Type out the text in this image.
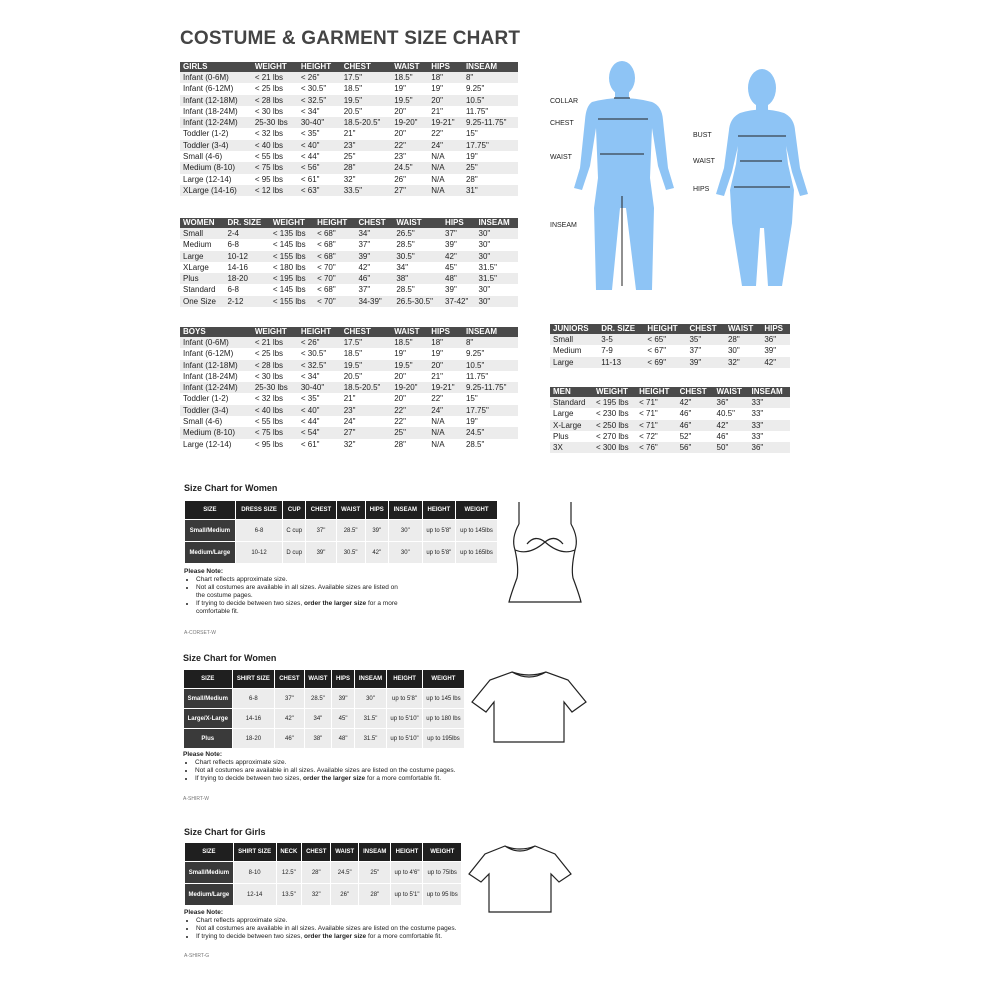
COSTUME & GARMENT SIZE CHART
GIRLS	WEIGHT	HEIGHT	CHEST	WAIST	HIPS	INSEAM
Infant (0-6M)	< 21 lbs	< 26"	17.5"	18.5"	18"	8"
Infant (6-12M)	< 25 lbs	< 30.5"	18.5"	19"	19"	9.25"
Infant (12-18M)	< 28 lbs	< 32.5"	19.5"	19.5"	20"	10.5"
Infant (18-24M)	< 30 lbs	< 34"	20.5"	20"	21"	11.75"
Infant (12-24M)	25-30 lbs	30-40"	18.5-20.5"	19-20"	19-21"	9.25-11.75"
Toddler (1-2)	< 32 lbs	< 35"	21"	20"	22"	15"
Toddler (3-4)	< 40 lbs	< 40"	23"	22"	24"	17.75"
Small (4-6)	< 55 lbs	< 44"	25"	23"	N/A	19"
Medium (8-10)	< 75 lbs	< 56"	28"	24.5"	N/A	25"
Large (12-14)	< 95 lbs	< 61"	32"	26"	N/A	28"
XLarge (14-16)	< 12 lbs	< 63"	33.5"	27"	N/A	31"
WOMEN	DR. SIZE	WEIGHT	HEIGHT	CHEST	WAIST	HIPS	INSEAM
Small	2-4	< 135 lbs	< 68"	34"	26.5"	37"	30"
Medium	6-8	< 145 lbs	< 68"	37"	28.5"	39"	30"
Large	10-12	< 155 lbs	< 68"	39"	30.5"	42"	30"
XLarge	14-16	< 180 lbs	< 70"	42"	34"	45"	31.5"
Plus	18-20	< 195 lbs	< 70"	46"	38"	48"	31.5"
Standard	6-8	< 145 lbs	< 68"	37"	28.5"	39"	30"
One Size	2-12	< 155 lbs	< 70"	34-39"	26.5-30.5"	37-42"	30"
BOYS	WEIGHT	HEIGHT	CHEST	WAIST	HIPS	INSEAM
Infant (0-6M)	< 21 lbs	< 26"	17.5"	18.5"	18"	8"
Infant (6-12M)	< 25 lbs	< 30.5"	18.5"	19"	19"	9.25"
Infant (12-18M)	< 28 lbs	< 32.5"	19.5"	19.5"	20"	10.5"
Infant (18-24M)	< 30 lbs	< 34"	20.5"	20"	21"	11.75"
Infant (12-24M)	25-30 lbs	30-40"	18.5-20.5"	19-20"	19-21"	9.25-11.75"
Toddler (1-2)	< 32 lbs	< 35"	21"	20"	22"	15"
Toddler (3-4)	< 40 lbs	< 40"	23"	22"	24"	17.75"
Small (4-6)	< 55 lbs	< 44"	24"	22"	N/A	19"
Medium (8-10)	< 75 lbs	< 54"	27"	25"	N/A	24.5"
Large (12-14)	< 95 lbs	< 61"	32"	28"	N/A	28.5"
JUNIORS	DR. SIZE	HEIGHT	CHEST	WAIST	HIPS
Small	3-5	< 65"	35"	28"	36"
Medium	7-9	< 67"	37"	30"	39"
Large	11-13	< 69"	39"	32"	42"
MEN	WEIGHT	HEIGHT	CHEST	WAIST	INSEAM
Standard	< 195 lbs	< 71"	42"	36"	33"
Large	< 230 lbs	< 71"	46"	40.5"	33"
X-Large	< 250 lbs	< 71"	46"	42"	33"
Plus	< 270 lbs	< 72"	52"	46"	33"
3X	< 300 lbs	< 76"	56"	50"	36"
COLLAR
CHEST
WAIST
INSEAM
BUST
WAIST
HIPS
Size Chart for Women
SIZE	DRESS SIZE	CUP	CHEST	WAIST	HIPS	INSEAM	HEIGHT	WEIGHT
Small/Medium	6-8	C cup	37"	28.5"	39"	30"	up to 5'8"	up to 145lbs
Medium/Large	10-12	D cup	39"	30.5"	42"	30"	up to 5'8"	up to 165lbs
Please Note:
• Chart reflects approximate size.
• Not all costumes are available in all sizes. Available sizes are listed on the costume pages.
• If trying to decide between two sizes, order the larger size for a more comfortable fit.
A-CORSET-W
Size Chart for Women
SIZE	SHIRT SIZE	CHEST	WAIST	HIPS	INSEAM	HEIGHT	WEIGHT
Small/Medium	6-8	37"	28.5"	39"	30"	up to 5'8"	up to 145 lbs
Large/X-Large	14-16	42"	34"	45"	31.5"	up to 5'10"	up to 180 lbs
Plus	18-20	46"	38"	48"	31.5"	up to 5'10"	up to 195lbs
Please Note:
• Chart reflects approximate size.
• Not all costumes are available in all sizes. Available sizes are listed on the costume pages.
• If trying to decide between two sizes, order the larger size for a more comfortable fit.
A-SHIRT-W
Size Chart for Girls
SIZE	SHIRT SIZE	NECK	CHEST	WAIST	INSEAM	HEIGHT	WEIGHT
Small/Medium	8-10	12.5"	28"	24.5"	25"	up to 4'6"	up to 75lbs
Medium/Large	12-14	13.5"	32"	26"	28"	up to 5'1"	up to 95 lbs
Please Note:
• Chart reflects approximate size.
• Not all costumes are available in all sizes. Available sizes are listed on the costume pages.
• If trying to decide between two sizes, order the larger size for a more comfortable fit.
A-SHIRT-G
